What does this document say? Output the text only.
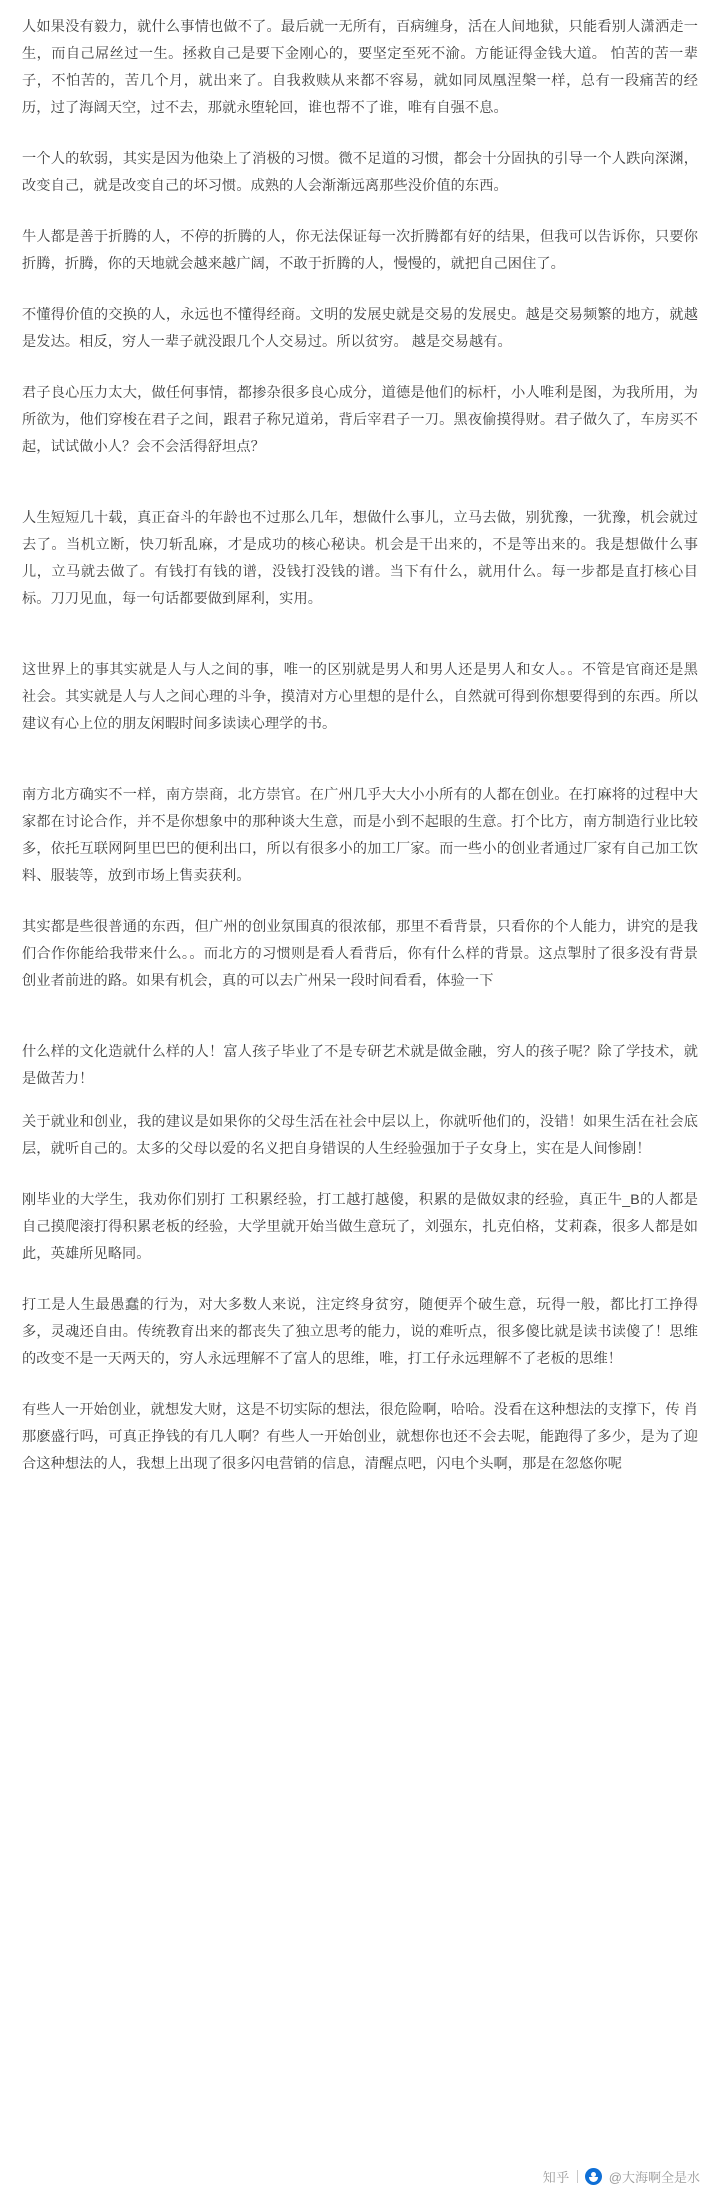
人如果没有毅力，就什么事情也做不了。最后就一无所有，百病缠身，活在人间地狱，只能看别人潇洒走一生，而自己屌丝过一生。拯救自己是要下金刚心的，要坚定至死不渝。方能证得金钱大道。 怕苦的苦一辈子，不怕苦的，苦几个月，就出来了。自我救赎从来都不容易，就如同凤凰涅槃一样，总有一段痛苦的经历，过了海阔天空，过不去，那就永堕轮回，谁也帮不了谁，唯有自强不息。

一个人的软弱，其实是因为他染上了消极的习惯。微不足道的习惯，都会十分固执的引导一个人跌向深渊，改变自己，就是改变自己的坏习惯。成熟的人会渐渐远离那些没价值的东西。

牛人都是善于折腾的人，不停的折腾的人，你无法保证每一次折腾都有好的结果，但我可以告诉你，只要你折腾，折腾，你的天地就会越来越广阔，不敢于折腾的人，慢慢的，就把自己困住了。

不懂得价值的交换的人，永远也不懂得经商。文明的发展史就是交易的发展史。越是交易频繁的地方，就越是发达。相反，穷人一辈子就没跟几个人交易过。所以贫穷。 越是交易越有。

君子良心压力太大，做任何事情，都掺杂很多良心成分，道德是他们的标杆，小人唯利是图，为我所用，为所欲为，他们穿梭在君子之间，跟君子称兄道弟，背后宰君子一刀。黑夜偷摸得财。君子做久了，车房买不起，试试做小人？会不会活得舒坦点？

人生短短几十载，真正奋斗的年龄也不过那么几年，想做什么事儿，立马去做，别犹豫，一犹豫，机会就过去了。当机立断，快刀斩乱麻，才是成功的核心秘诀。机会是干出来的，不是等出来的。我是想做什么事儿，立马就去做了。有钱打有钱的谱，没钱打没钱的谱。当下有什么，就用什么。每一步都是直打核心目标。刀刀见血，每一句话都要做到犀利，实用。

这世界上的事其实就是人与人之间的事，唯一的区别就是男人和男人还是男人和女人。。不管是官商还是黑社会。其实就是人与人之间心理的斗争，摸清对方心里想的是什么，自然就可得到你想要得到的东西。所以建议有心上位的朋友闲暇时间多读读心理学的书。

南方北方确实不一样，南方崇商，北方崇官。在广州几乎大大小小所有的人都在创业。在打麻将的过程中大家都在讨论合作，并不是你想象中的那种谈大生意，而是小到不起眼的生意。打个比方，南方制造行业比较多，依托互联网阿里巴巴的便利出口，所以有很多小的加工厂家。而一些小的创业者通过厂家有自己加工饮料、服装等，放到市场上售卖获利。

其实都是些很普通的东西，但广州的创业氛围真的很浓郁，那里不看背景，只看你的个人能力，讲究的是我们合作你能给我带来什么。。而北方的习惯则是看人看背后，你有什么样的背景。这点掣肘了很多没有背景创业者前进的路。如果有机会，真的可以去广州呆一段时间看看，体验一下

什么样的文化造就什么样的人！富人孩子毕业了不是专研艺术就是做金融，穷人的孩子呢？除了学技术，就是做苦力！

关于就业和创业，我的建议是如果你的父母生活在社会中层以上，你就听他们的，没错！如果生活在社会底层，就听自己的。太多的父母以爱的名义把自身错误的人生经验强加于子女身上，实在是人间惨剧！

刚毕业的大学生，我劝你们别打 工积累经验，打工越打越傻，积累的是做奴隶的经验，真正牛_B的人都是自己摸爬滚打得积累老板的经验，大学里就开始当做生意玩了，刘强东，扎克伯格，艾莉森，很多人都是如此，英雄所见略同。

打工是人生最愚蠢的行为，对大多数人来说，注定终身贫穷，随便弄个破生意，玩得一般，都比打工挣得多，灵魂还自由。传统教育出来的都丧失了独立思考的能力，说的难听点，很多傻比就是读书读傻了！思维的改变不是一天两天的，穷人永远理解不了富人的思维，唯，打工仔永远理解不了老板的思维！

有些人一开始创业，就想发大财，这是不切实际的想法，很危险啊，哈哈。没看在这种想法的支撑下，传 肖那麽盛行吗，可真正挣钱的有几人啊？有些人一开始创业，就想你也还不会去呢，能跑得了多少，是为了迎合这种想法的人，我想上出现了很多闪电营销的信息，清醒点吧，闪电个头啊，那是在忽悠你呢

知乎	@大海啊全是水
